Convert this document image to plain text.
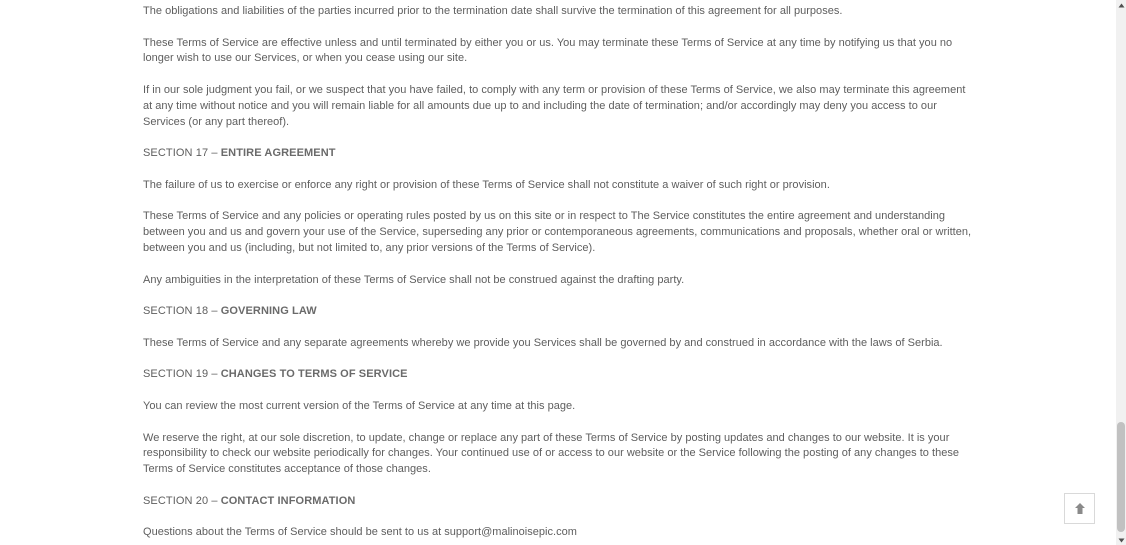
The obligations and liabilities of the parties incurred prior to the termination date shall survive the termination of this agreement for all purposes.

These Terms of Service are effective unless and until terminated by either you or us. You may terminate these Terms of Service at any time by notifying us that you no longer wish to use our Services, or when you cease using our site.

If in our sole judgment you fail, or we suspect that you have failed, to comply with any term or provision of these Terms of Service, we also may terminate this agreement at any time without notice and you will remain liable for all amounts due up to and including the date of termination; and/or accordingly may deny you access to our Services (or any part thereof).

SECTION 17 – ENTIRE AGREEMENT

The failure of us to exercise or enforce any right or provision of these Terms of Service shall not constitute a waiver of such right or provision.

These Terms of Service and any policies or operating rules posted by us on this site or in respect to The Service constitutes the entire agreement and understanding between you and us and govern your use of the Service, superseding any prior or contemporaneous agreements, communications and proposals, whether oral or written, between you and us (including, but not limited to, any prior versions of the Terms of Service).

Any ambiguities in the interpretation of these Terms of Service shall not be construed against the drafting party.

SECTION 18 – GOVERNING LAW

These Terms of Service and any separate agreements whereby we provide you Services shall be governed by and construed in accordance with the laws of Serbia.

SECTION 19 – CHANGES TO TERMS OF SERVICE

You can review the most current version of the Terms of Service at any time at this page.

We reserve the right, at our sole discretion, to update, change or replace any part of these Terms of Service by posting updates and changes to our website. It is your responsibility to check our website periodically for changes. Your continued use of or access to our website or the Service following the posting of any changes to these Terms of Service constitutes acceptance of those changes.

SECTION 20 – CONTACT INFORMATION

Questions about the Terms of Service should be sent to us at support@malinoisepic.com
